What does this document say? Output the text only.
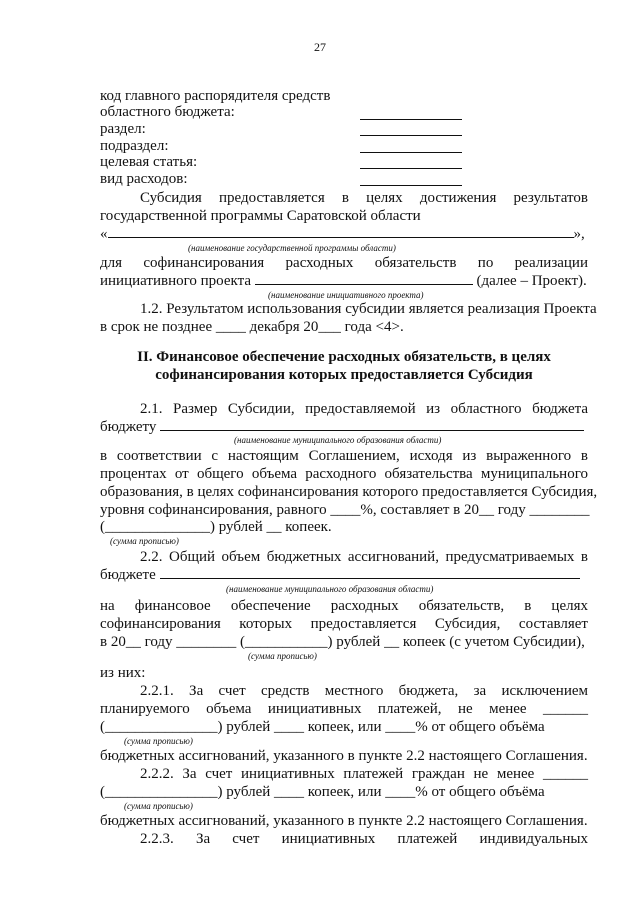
27
код главного распорядителя средств
областного бюджета:
раздел:
подраздел:
целевая статья:
вид расходов:
Субсидия предоставляется в целях достижения результатов
государственной программы Саратовской области
«	»,
(наименование государственной программы области)
для софинансирования расходных обязательств по реализации
инициативного проекта	(далее – Проект).
(наименование инициативного проекта)
1.2. Результатом использования субсидии является реализация Проекта
в срок не позднее ____ декабря 20___ года <4>.
II. Финансовое обеспечение расходных обязательств, в целях
софинансирования которых предоставляется Субсидия
2.1. Размер Субсидии, предоставляемой из областного бюджета
бюджету
(наименование муниципального образования области)
в соответствии с настоящим Соглашением, исходя из выраженного в
процентах от общего объема расходного обязательства муниципального
образования, в целях софинансирования которого предоставляется Субсидия,
уровня софинансирования, равного ____%, составляет в 20__ году ________
(______________) рублей __ копеек.
(сумма прописью)
2.2. Общий объем бюджетных ассигнований, предусматриваемых в
бюджете
(наименование муниципального образования области)
на финансовое обеспечение расходных обязательств, в целях
софинансирования которых предоставляется Субсидия, составляет
в 20__ году ________ (___________) рублей __ копеек (с учетом Субсидии),
(сумма прописью)
из них:
2.2.1. За счет средств местного бюджета, за исключением
планируемого объема инициативных платежей, не менее ______
(_______________) рублей ____ копеек, или ____% от общего объёма
(сумма прописью)
бюджетных ассигнований, указанного в пункте 2.2 настоящего Соглашения.
2.2.2. За счет инициативных платежей граждан не менее ______
(_______________) рублей ____ копеек, или ____% от общего объёма
(сумма прописью)
бюджетных ассигнований, указанного в пункте 2.2 настоящего Соглашения.
2.2.3. За счет инициативных платежей индивидуальных
